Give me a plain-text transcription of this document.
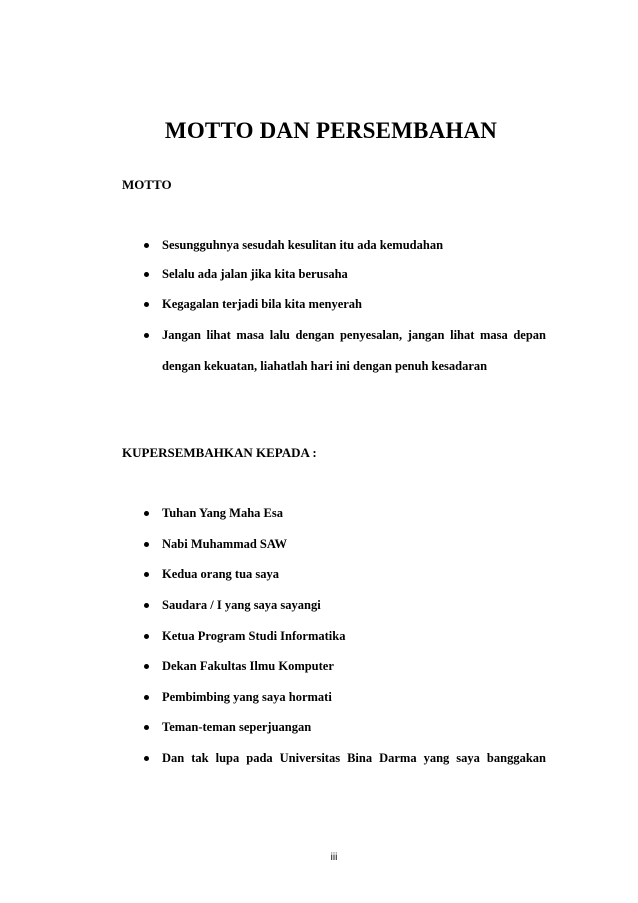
MOTTO DAN PERSEMBAHAN
MOTTO
Sesungguhnya sesudah kesulitan itu ada kemudahan
Selalu ada jalan jika kita berusaha
Kegagalan terjadi bila kita menyerah
Jangan lihat masa lalu dengan penyesalan, jangan lihat masa depan
dengan kekuatan, liahatlah hari ini dengan penuh kesadaran
KUPERSEMBAHKAN KEPADA :
Tuhan Yang Maha Esa
Nabi Muhammad SAW
Kedua orang tua saya
Saudara / I yang saya sayangi
Ketua Program Studi Informatika
Dekan Fakultas Ilmu Komputer
Pembimbing yang saya hormati
Teman-teman seperjuangan
Dan tak lupa pada Universitas Bina Darma yang saya banggakan
iii
